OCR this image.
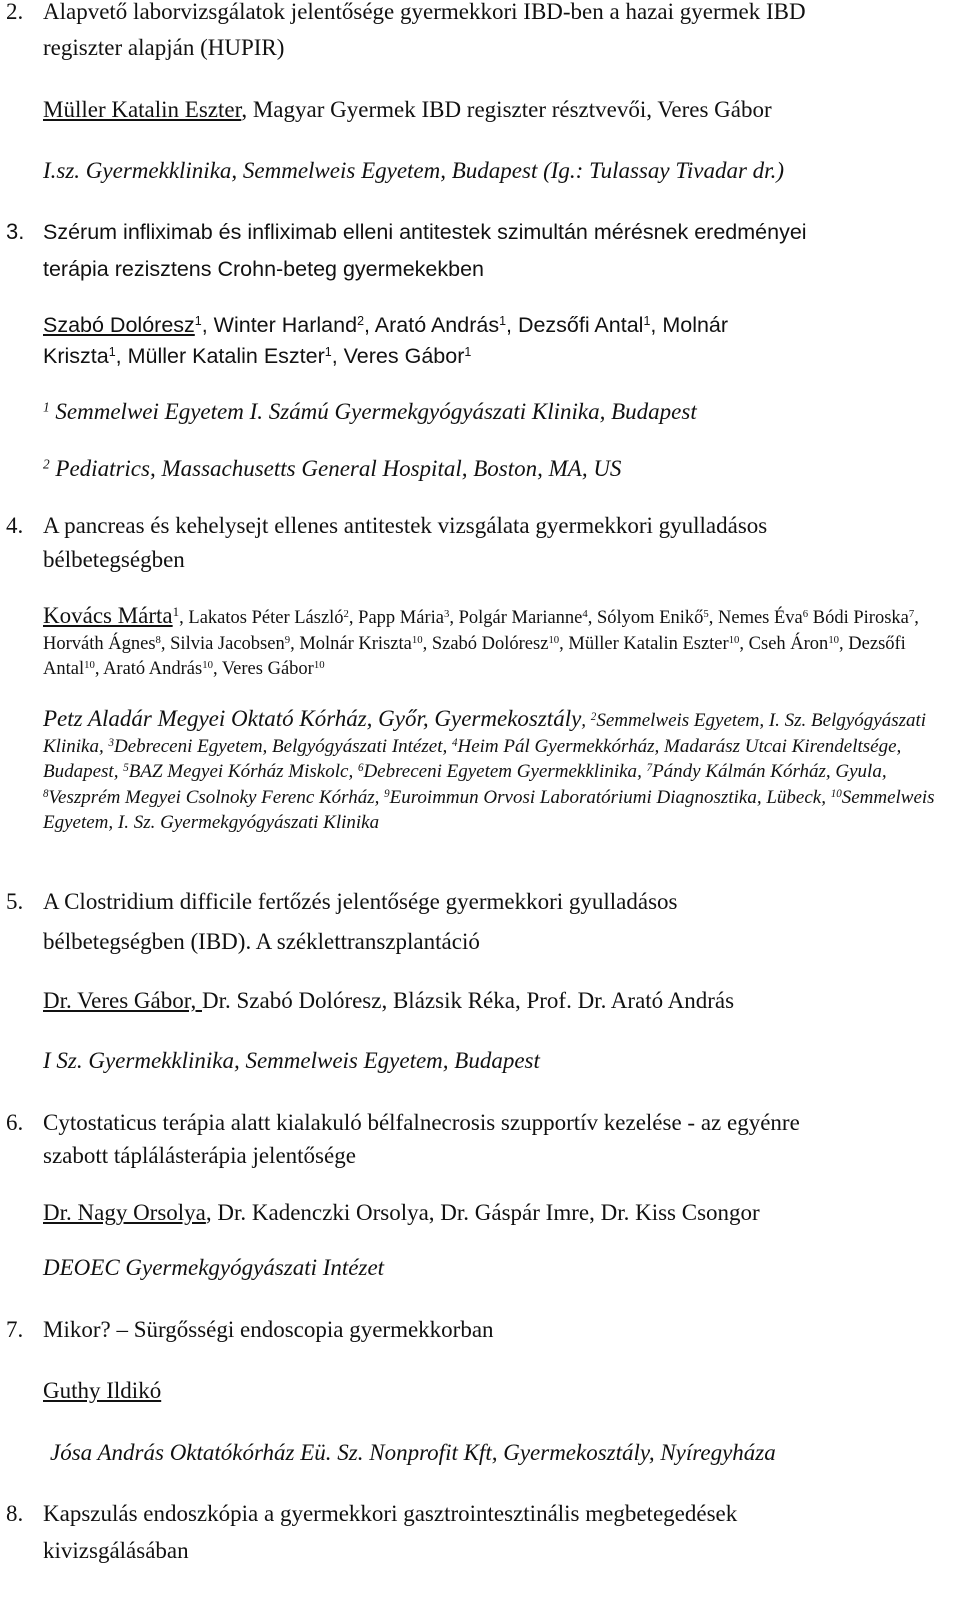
2. Alapvető laborvizsgálatok jelentősége gyermekkori IBD-ben a hazai gyermek IBD
regiszter alapján (HUPIR)
Müller Katalin Eszter, Magyar Gyermek IBD regiszter résztvevői, Veres Gábor
I.sz. Gyermekklinika, Semmelweis Egyetem, Budapest (Ig.: Tulassay Tivadar dr.)
3. Szérum infliximab és infliximab elleni antitestek szimultán mérésnek eredményei
terápia rezisztens Crohn-beteg gyermekekben
Szabó Dolóresz$^1$, Winter Harland$^2$, Arató András$^1$, Dezsőfi Antal$^1$, Molnár
Kriszta$^1$, Müller Katalin Eszter$^1$, Veres Gábor$^1$
$^1$ Semmelwei Egyetem I. Számú Gyermekgyógyászati Klinika, Budapest
$^2$ Pediatrics, Massachusetts General Hospital, Boston, MA, US
4. A pancreas és kehelysejt ellenes antitestek vizsgálata gyermekkori gyulladásos
bélbetegségben
Kovács Márta$^1$, Lakatos Péter László$^2$, Papp Mária$^3$, Polgár Marianne$^4$, Sólyom Enikő$^5$, Nemes Éva$^6$ Bódi Piroska$^7$, Horváth Ágnes$^8$, Silvia Jacobsen$^9$, Molnár Kriszta$^{10}$, Szabó Dolóresz$^{10}$, Müller Katalin Eszter$^{10}$, Cseh Áron$^{10}$, Dezsőfi Antal$^{10}$, Arató András$^{10}$, Veres Gábor$^{10}$
Petz Aladár Megyei Oktató Kórház, Győr, Gyermekosztály, $^2$Semmelweis Egyetem, I. Sz. Belgyógyászati Klinika, $^3$Debreceni Egyetem, Belgyógyászati Intézet, $^4$Heim Pál Gyermekkórház, Madarász Utcai Kirendeltsége, Budapest, $^5$BAZ Megyei Kórház Miskolc, $^6$Debreceni Egyetem Gyermekklinika, $^7$Pándy Kálmán Kórház, Gyula, $^8$Veszprém Megyei Csolnoky Ferenc Kórház, $^9$Euroimmun Orvosi Laboratóriumi Diagnosztika, Lübeck, $^{10}$Semmelweis Egyetem, I. Sz. Gyermekgyógyászati Klinika
5. A Clostridium difficile fertőzés jelentősége gyermekkori gyulladásos
bélbetegségben (IBD). A széklettranszplantáció
Dr. Veres Gábor, Dr. Szabó Dolóresz, Blázsik Réka, Prof. Dr. Arató András
I Sz. Gyermekklinika, Semmelweis Egyetem, Budapest
6. Cytostaticus terápia alatt kialakuló bélfalnecrosis szupportív kezelése - az egyénre
szabott táplálásterápia jelentősége
Dr. Nagy Orsolya, Dr. Kadenczki Orsolya, Dr. Gáspár Imre, Dr. Kiss Csongor
DEOEC Gyermekgyógyászati Intézet
7. Mikor? – Sürgősségi endoscopia gyermekkorban
Guthy Ildikó
Jósa András Oktatókórház Eü. Sz. Nonprofit Kft, Gyermekosztály, Nyíregyháza
8. Kapszulás endoszkópia a gyermekkori gasztrointesztinális megbetegedések
kivizsgálásában
